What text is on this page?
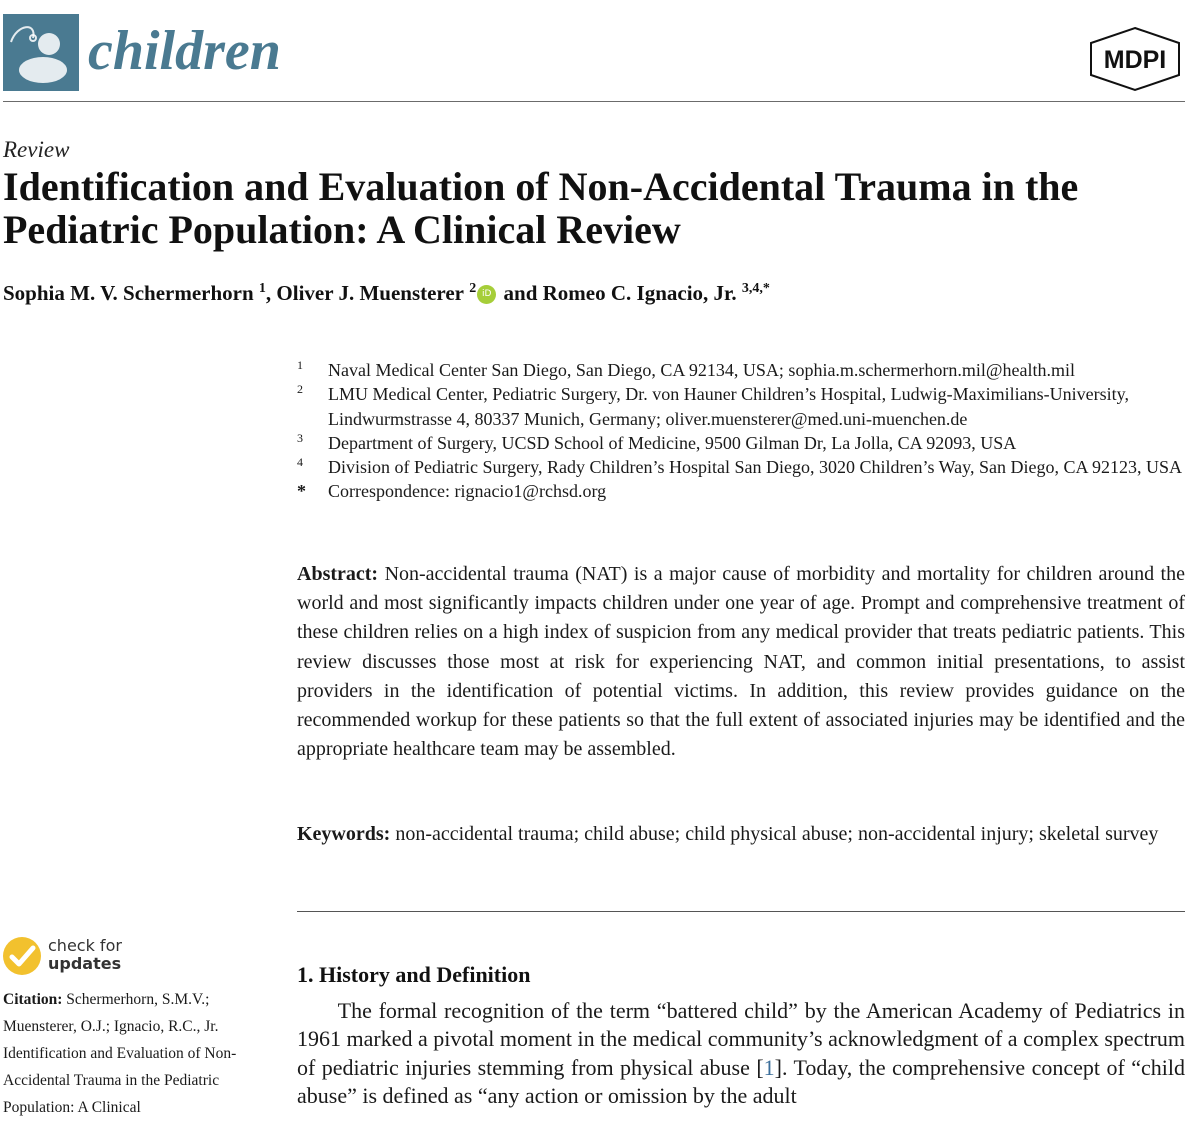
children	MDPI
Review
Identification and Evaluation of Non-Accidental Trauma in the Pediatric Population: A Clinical Review
Sophia M. V. Schermerhorn $^1$, Oliver J. Muensterer $^2$ iD and Romeo C. Ignacio, Jr. $^{3,4,*}$
1 Naval Medical Center San Diego, San Diego, CA 92134, USA; sophia.m.schermerhorn.mil@health.mil
2 LMU Medical Center, Pediatric Surgery, Dr. von Hauner Children’s Hospital, Ludwig-Maximilians-University, Lindwurmstrasse 4, 80337 Munich, Germany; oliver.muensterer@med.uni-muenchen.de
3 Department of Surgery, UCSD School of Medicine, 9500 Gilman Dr, La Jolla, CA 92093, USA
4 Division of Pediatric Surgery, Rady Children’s Hospital San Diego, 3020 Children’s Way, San Diego, CA 92123, USA
* Correspondence: rignacio1@rchsd.org
Abstract: Non-accidental trauma (NAT) is a major cause of morbidity and mortality for children around the world and most significantly impacts children under one year of age. Prompt and comprehensive treatment of these children relies on a high index of suspicion from any medical provider that treats pediatric patients. This review discusses those most at risk for experiencing NAT, and common initial presentations, to assist providers in the identification of potential victims. In addition, this review provides guidance on the recommended workup for these patients so that the full extent of associated injuries may be identified and the appropriate healthcare team may be assembled.
Keywords: non-accidental trauma; child abuse; child physical abuse; non-accidental injury; skeletal survey
check for
updates
Citation: Schermerhorn, S.M.V.; Muensterer, O.J.; Ignacio, R.C., Jr. Identification and Evaluation of Non-Accidental Trauma in the Pediatric Population: A Clinical
1. History and Definition
The formal recognition of the term “battered child” by the American Academy of Pediatrics in 1961 marked a pivotal moment in the medical community’s acknowledgment of a complex spectrum of pediatric injuries stemming from physical abuse [1]. Today, the comprehensive concept of “child abuse” is defined as “any action or omission by the adult
